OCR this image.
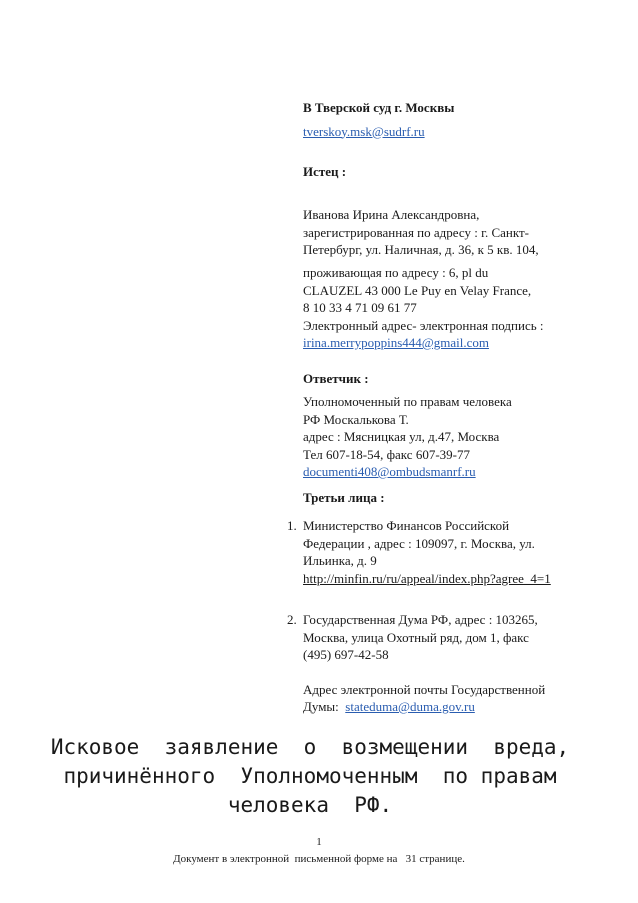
В Тверской суд г. Москвы
tverskoy.msk@sudrf.ru
Истец :
Иванова Ирина Александровна,
зарегистрированная по адресу : г. Санкт-
Петербург, ул. Наличная, д. 36, к 5 кв. 104,
проживающая по адресу : 6, pl du
CLAUZEL 43 000 Le Puy en Velay France,
8 10 33 4 71 09 61 77
Электронный адрес- электронная подпись :
irina.merrypoppins444@gmail.com
Ответчик :
Уполномоченный по правам человека
РФ Москалькова Т.
адрес : Мясницкая ул, д.47, Москва
Тел 607-18-54, факс 607-39-77
documenti408@ombudsmanrf.ru
Третьи лица :
1. Министерство Финансов Российской
Федерации , адрес : 109097, г. Москва, ул.
Ильинка, д. 9
http://minfin.ru/ru/appeal/index.php?agree_4=1
2. Государственная Дума РФ, адрес : 103265,
Москва, улица Охотный ряд, дом 1, факс
(495) 697-42-58
Адрес электронной почты Государственной
Думы:  stateduma@duma.gov.ru
Исковое  заявление  о  возмещении  вреда,
причинённого  Уполномоченным  по правам
человека  РФ.
1
Документ в электронной  письменной форме на   31 странице.
